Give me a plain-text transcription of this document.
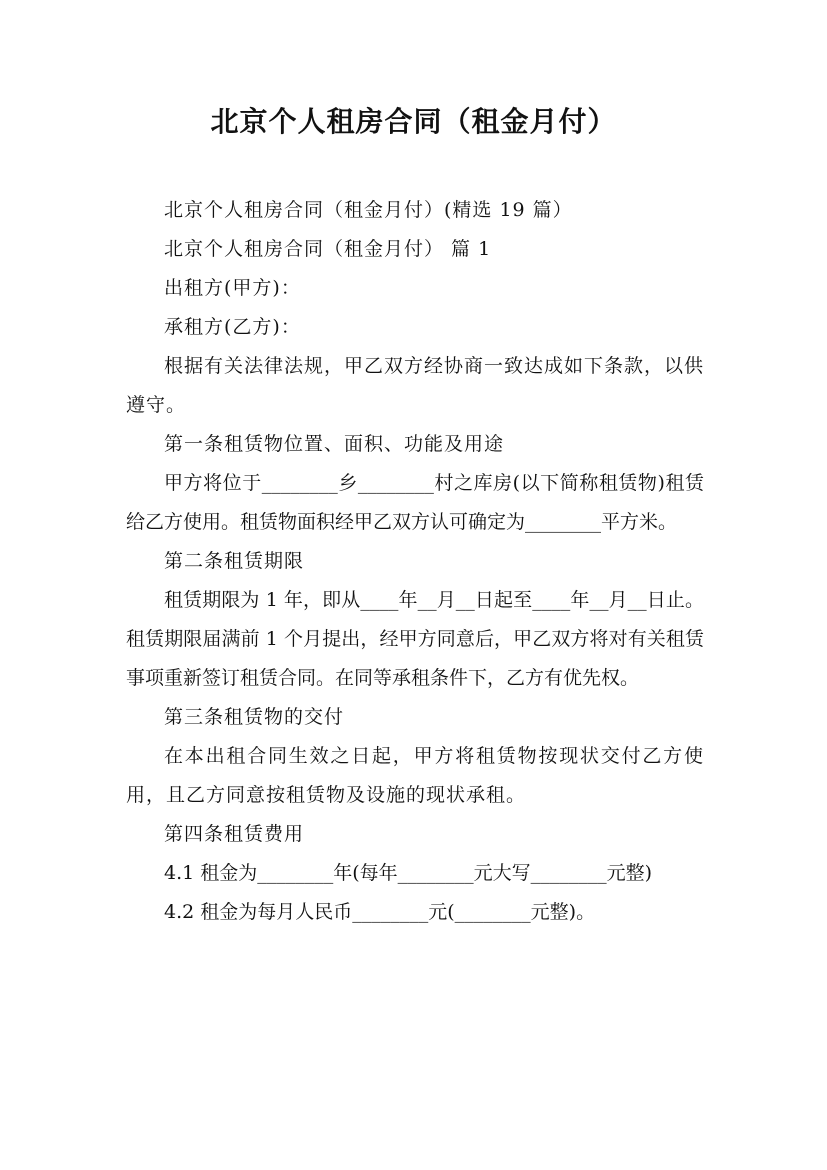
北京个人租房合同（租金月付）

北京个人租房合同（租金月付）(精选 19 篇）

北京个人租房合同（租金月付） 篇 1

出租方(甲方)：

承租方(乙方)：

根据有关法律法规，甲乙双方经协商一致达成如下条款，以供遵守。

第一条租赁物位置、面积、功能及用途

甲方将位于________乡________村之库房(以下简称租赁物)租赁给乙方使用。租赁物面积经甲乙双方认可确定为________平方米。

第二条租赁期限

租赁期限为 1 年，即从____年__月__日起至____年__月__日止。租赁期限届满前 1 个月提出，经甲方同意后，甲乙双方将对有关租赁事项重新签订租赁合同。在同等承租条件下，乙方有优先权。

第三条租赁物的交付

在本出租合同生效之日起，甲方将租赁物按现状交付乙方使用，且乙方同意按租赁物及设施的现状承租。

第四条租赁费用

4.1 租金为________年(每年________元大写________元整)

4.2 租金为每月人民币________元(________元整)。
